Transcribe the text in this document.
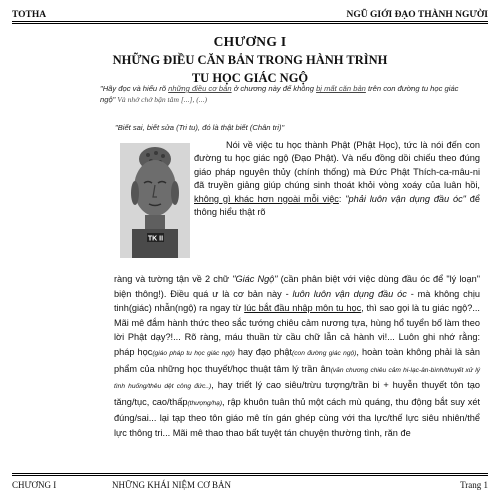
TOTHA	NGŨ GIỚI ĐẠO THÀNH NGƯỜI
CHƯƠNG I
NHỮNG ĐIỀU CĂN BẢN TRONG HÀNH TRÌNH
TU HỌC GIÁC NGỘ
"Hãy đọc và hiểu rõ những điều cơ bản ở chương này để không bị mất căn bản trên con đường tu học giác ngộ" Và nhớ chớ bận tâm [...], (...)
"Biết sai, biết sửa (Tri tu), đó là thật biết (Chân tri)"
TK II
Nói về việc tu học thành Phật (Phật Học), tức là nói đến con đường tu học giác ngộ (Đạo Phật). Và nếu đồng dồi chiếu theo đúng giáo pháp nguyên thủy (chính thống) mà Đức Phật Thích-ca-mâu-ni đã truyền giảng giúp chúng sinh thoát khỏi vòng xoáy của luân hồi, không gì khác hơn ngoài mỗi việc: "phải luôn vận dụng đầu óc" để thông hiểu thật rõ
ràng và tường tận về 2 chữ "Giác Ngộ" (cần phân biệt với việc dùng đầu óc để "lý loạn" biện thông!). Điều quá ư là cơ bản này - luôn luôn vận dụng đầu óc - mà không chịu tinh(giác) nhẫn(ngộ) ra ngay từ lúc bắt đầu nhập môn tu học, thì sao gọi là tu giác ngộ?... Mãi mê đắm hành thức theo sắc tướng chiêu cảm nương tựa, hùng hổ tuyển bố làm theo lời Phật dạy?!... Rõ ràng, máu thuần từ cầu chữ lẫn cả hành vi!... Luôn ghi nhớ rằng: pháp học(giáo pháp tu học giác ngộ) hay đạo phật(con đường giác ngộ), hoàn toàn không phải là sản phẩm của những học thuyết/học thuật tâm lý trần ân(văn chương chiêu cảm hi-lạc-ân-bình/thuyết xử lý tình huống/thêu dệt công đức..), hay triết lý cao siêu/trừu tượng/trần bi + huyễn thuyết tôn tạo tăng/tục, cao/thấp(thượng/hạ), rập khuôn tuân thủ một cách mù quáng, thu động bắt suy xét đúng/sai... lại tạp theo tôn giáo mê tín gán ghép cùng với tha lực/thế lực siêu nhiên/thể lực thông tri... Mãi mê thao thao bất tuyệt tán chuyện thường tình, răn đe
CHƯƠNG I	NHỮNG KHÁI NIỆM CƠ BẢN	Trang 1
